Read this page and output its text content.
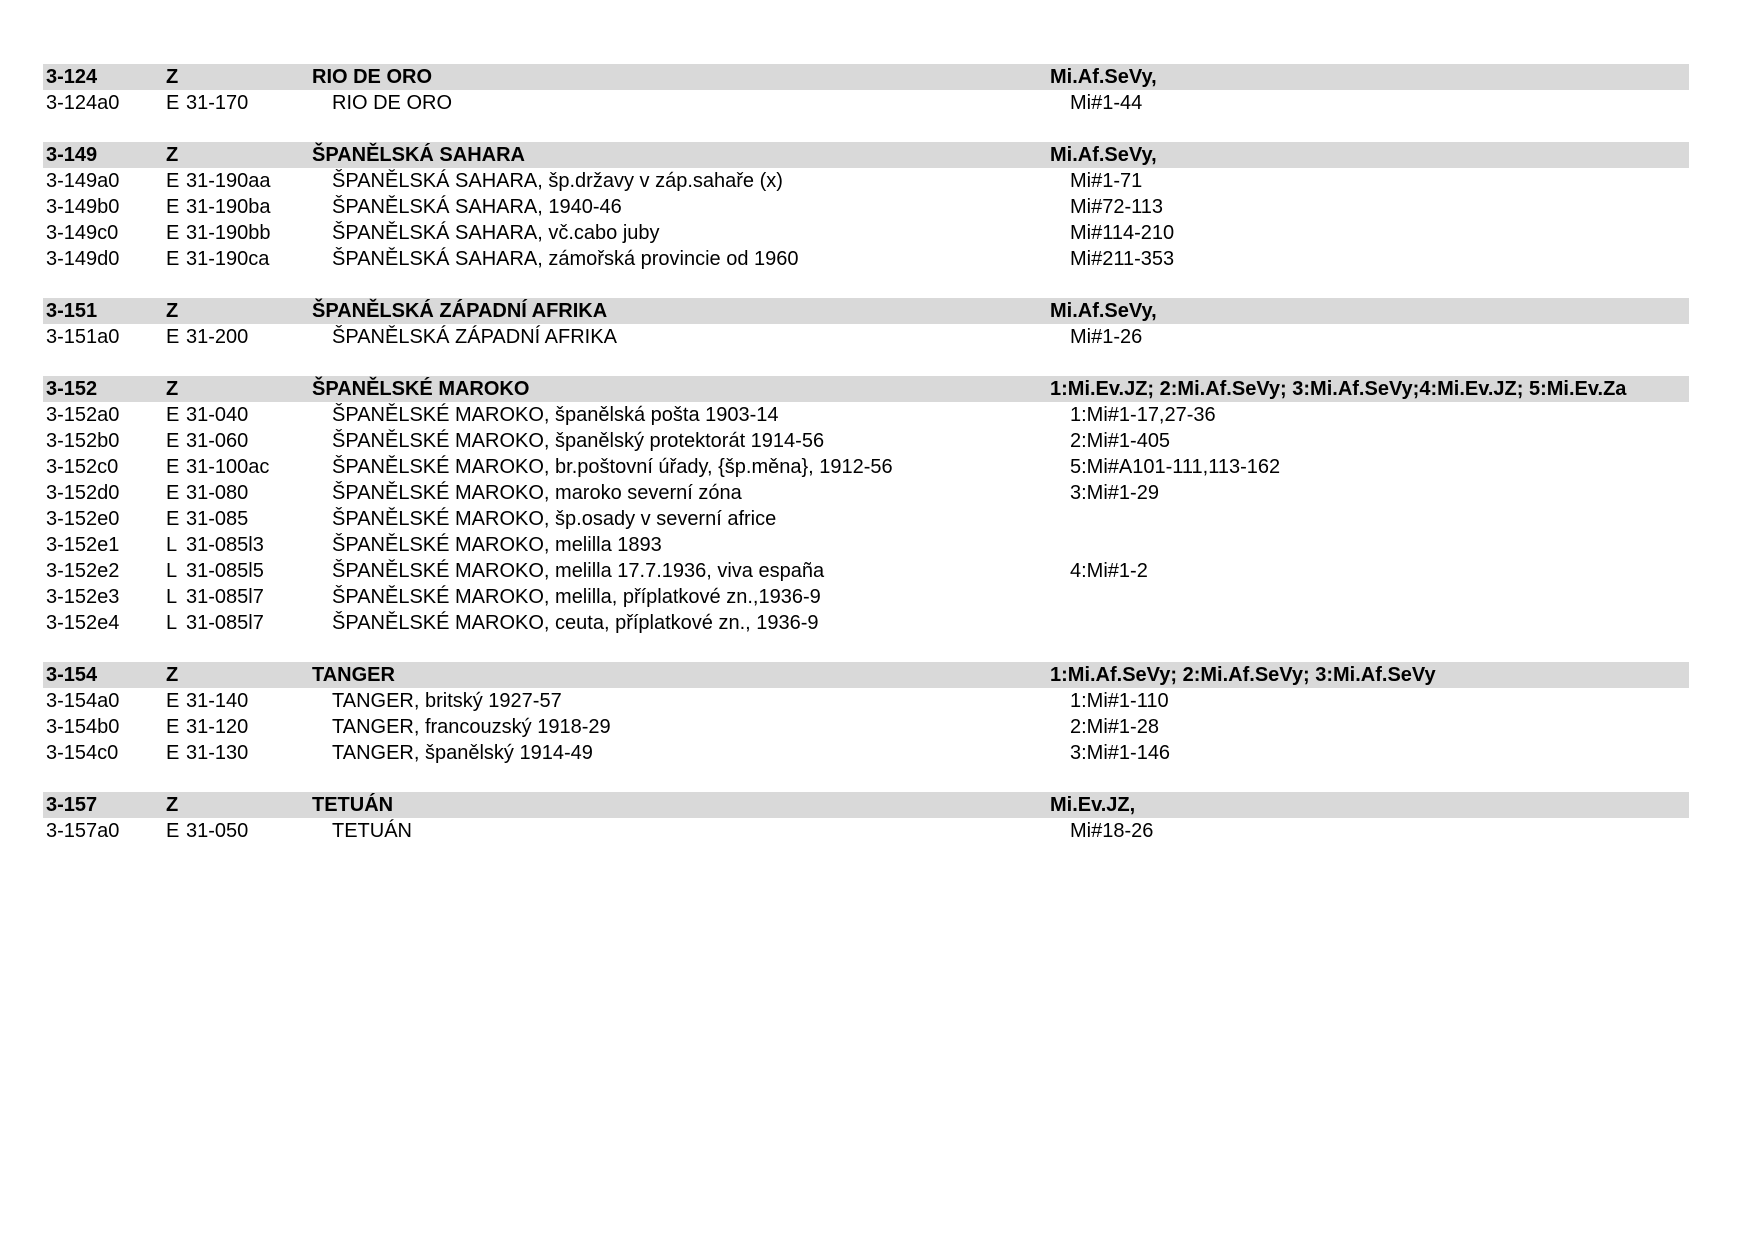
3-124	Z	RIO DE ORO	Mi.Af.SeVy,
3-124a0	E 31-170	RIO DE ORO	Mi#1-44
3-149	Z	ŠPANĚLSKÁ SAHARA	Mi.Af.SeVy,
3-149a0	E 31-190aa	ŠPANĚLSKÁ SAHARA, šp.državy v záp.sahaře (x)	Mi#1-71
3-149b0	E 31-190ba	ŠPANĚLSKÁ SAHARA, 1940-46	Mi#72-113
3-149c0	E 31-190bb	ŠPANĚLSKÁ SAHARA, vč.cabo juby	Mi#114-210
3-149d0	E 31-190ca	ŠPANĚLSKÁ SAHARA, zámořská provincie od 1960	Mi#211-353
3-151	Z	ŠPANĚLSKÁ ZÁPADNÍ AFRIKA	Mi.Af.SeVy,
3-151a0	E 31-200	ŠPANĚLSKÁ ZÁPADNÍ AFRIKA	Mi#1-26
3-152	Z	ŠPANĚLSKÉ MAROKO	1:Mi.Ev.JZ; 2:Mi.Af.SeVy; 3:Mi.Af.SeVy;4:Mi.Ev.JZ; 5:Mi.Ev.Za
3-152a0	E 31-040	ŠPANĚLSKÉ MAROKO, španělská pošta 1903-14	1:Mi#1-17,27-36
3-152b0	E 31-060	ŠPANĚLSKÉ MAROKO, španělský protektorát 1914-56	2:Mi#1-405
3-152c0	E 31-100ac	ŠPANĚLSKÉ MAROKO, br.poštovní úřady, {šp.měna}, 1912-56	5:Mi#A101-111,113-162
3-152d0	E 31-080	ŠPANĚLSKÉ MAROKO, maroko severní zóna	3:Mi#1-29
3-152e0	E 31-085	ŠPANĚLSKÉ MAROKO, šp.osady v severní africe
3-152e1	L 31-085l3	ŠPANĚLSKÉ MAROKO, melilla 1893
3-152e2	L 31-085l5	ŠPANĚLSKÉ MAROKO, melilla 17.7.1936, viva españa	4:Mi#1-2
3-152e3	L 31-085l7	ŠPANĚLSKÉ MAROKO, melilla, příplatkové zn.,1936-9
3-152e4	L 31-085l7	ŠPANĚLSKÉ MAROKO, ceuta, příplatkové zn., 1936-9
3-154	Z	TANGER	1:Mi.Af.SeVy; 2:Mi.Af.SeVy; 3:Mi.Af.SeVy
3-154a0	E 31-140	TANGER, britský 1927-57	1:Mi#1-110
3-154b0	E 31-120	TANGER, francouzský 1918-29	2:Mi#1-28
3-154c0	E 31-130	TANGER, španělský 1914-49	3:Mi#1-146
3-157	Z	TETUÁN	Mi.Ev.JZ,
3-157a0	E 31-050	TETUÁN	Mi#18-26
